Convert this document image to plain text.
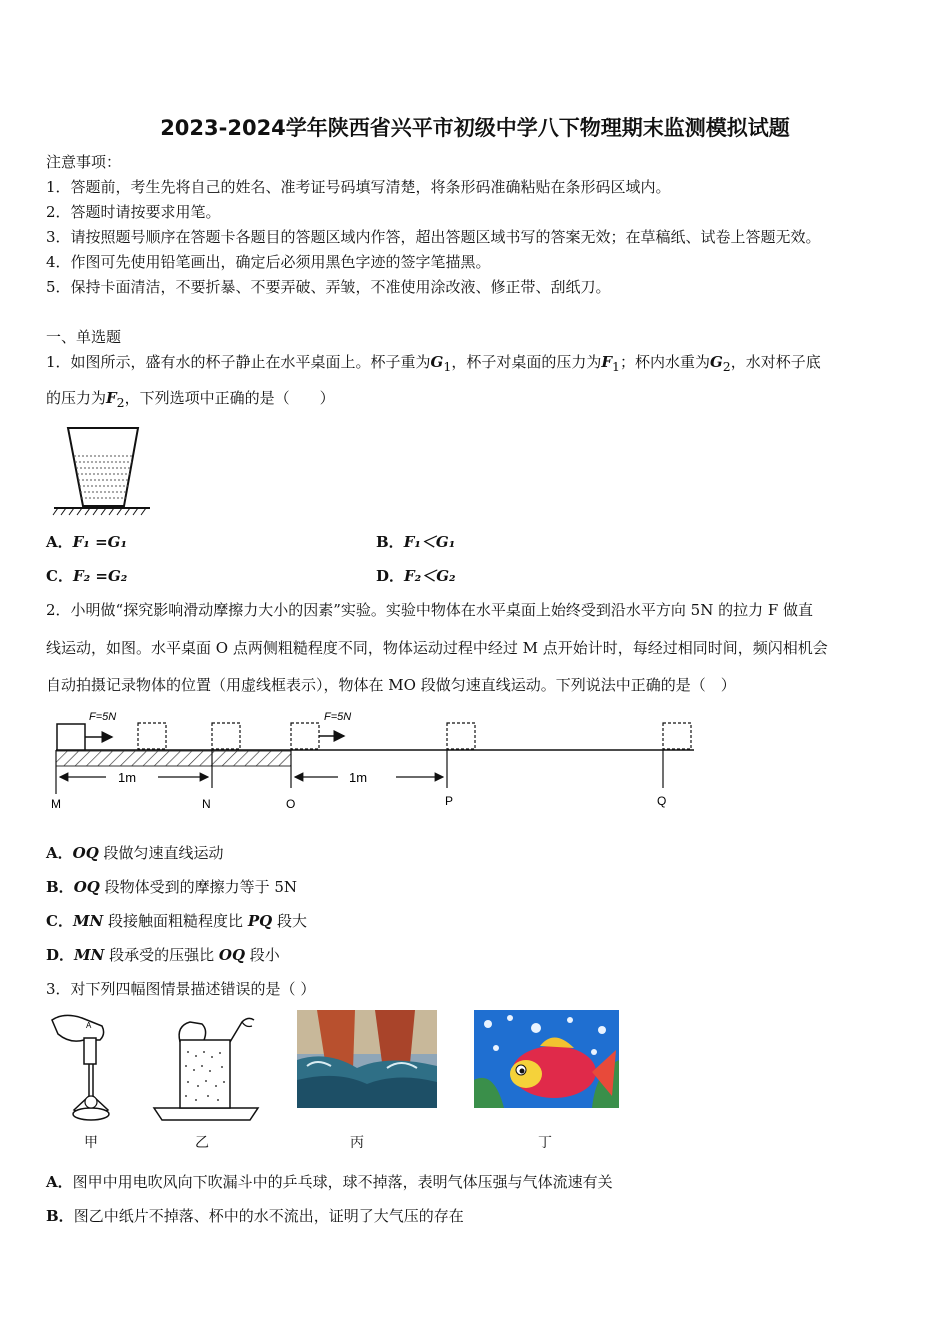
2023-2024学年陕西省兴平市初级中学八下物理期末监测模拟试题
注意事项：
1．答题前，考生先将自己的姓名、准考证号码填写清楚，将条形码准确粘贴在条形码区域内。
2．答题时请按要求用笔。
3．请按照题号顺序在答题卡各题目的答题区域内作答，超出答题区域书写的答案无效；在草稿纸、试卷上答题无效。
4．作图可先使用铅笔画出，确定后必须用黑色字迹的签字笔描黑。
5．保持卡面清洁，不要折暴、不要弄破、弄皱，不准使用涂改液、修正带、刮纸刀。
一、单选题
1．如图所示，盛有水的杯子静止在水平桌面上。杯子重为$G_1$，杯子对桌面的压力为$F_1$；杯内水重为$G_2$，水对杯子底
的压力为$F_2$，下列选项中正确的是（　　）
A．F₁ =G₁	B．F₁＜G₁
C．F₂ =G₂	D．F₂＜G₂
2．小明做“探究影响滑动摩擦力大小的因素”实验。实验中物体在水平桌面上始终受到沿水平方向 5N 的拉力 F 做直
线运动，如图。水平桌面 O 点两侧粗糙程度不同，物体运动过程中经过 M 点开始计时，每经过相同时间，频闪相机会
自动拍摄记录物体的位置（用虚线框表示），物体在 MO 段做匀速直线运动。下列说法中正确的是（　）
F=5N	F=5N
1m	1m
M	N	O	P	Q
A．OQ 段做匀速直线运动
B．OQ 段物体受到的摩擦力等于 5N
C．MN 段接触面粗糙程度比 PQ 段大
D．MN 段承受的压强比 OQ 段小
3．对下列四幅图情景描述错误的是（ ）
A
甲	乙	丙	丁
A．图甲中用电吹风向下吹漏斗中的乒乓球，球不掉落，表明气体压强与气体流速有关
B．图乙中纸片不掉落、杯中的水不流出，证明了大气压的存在
